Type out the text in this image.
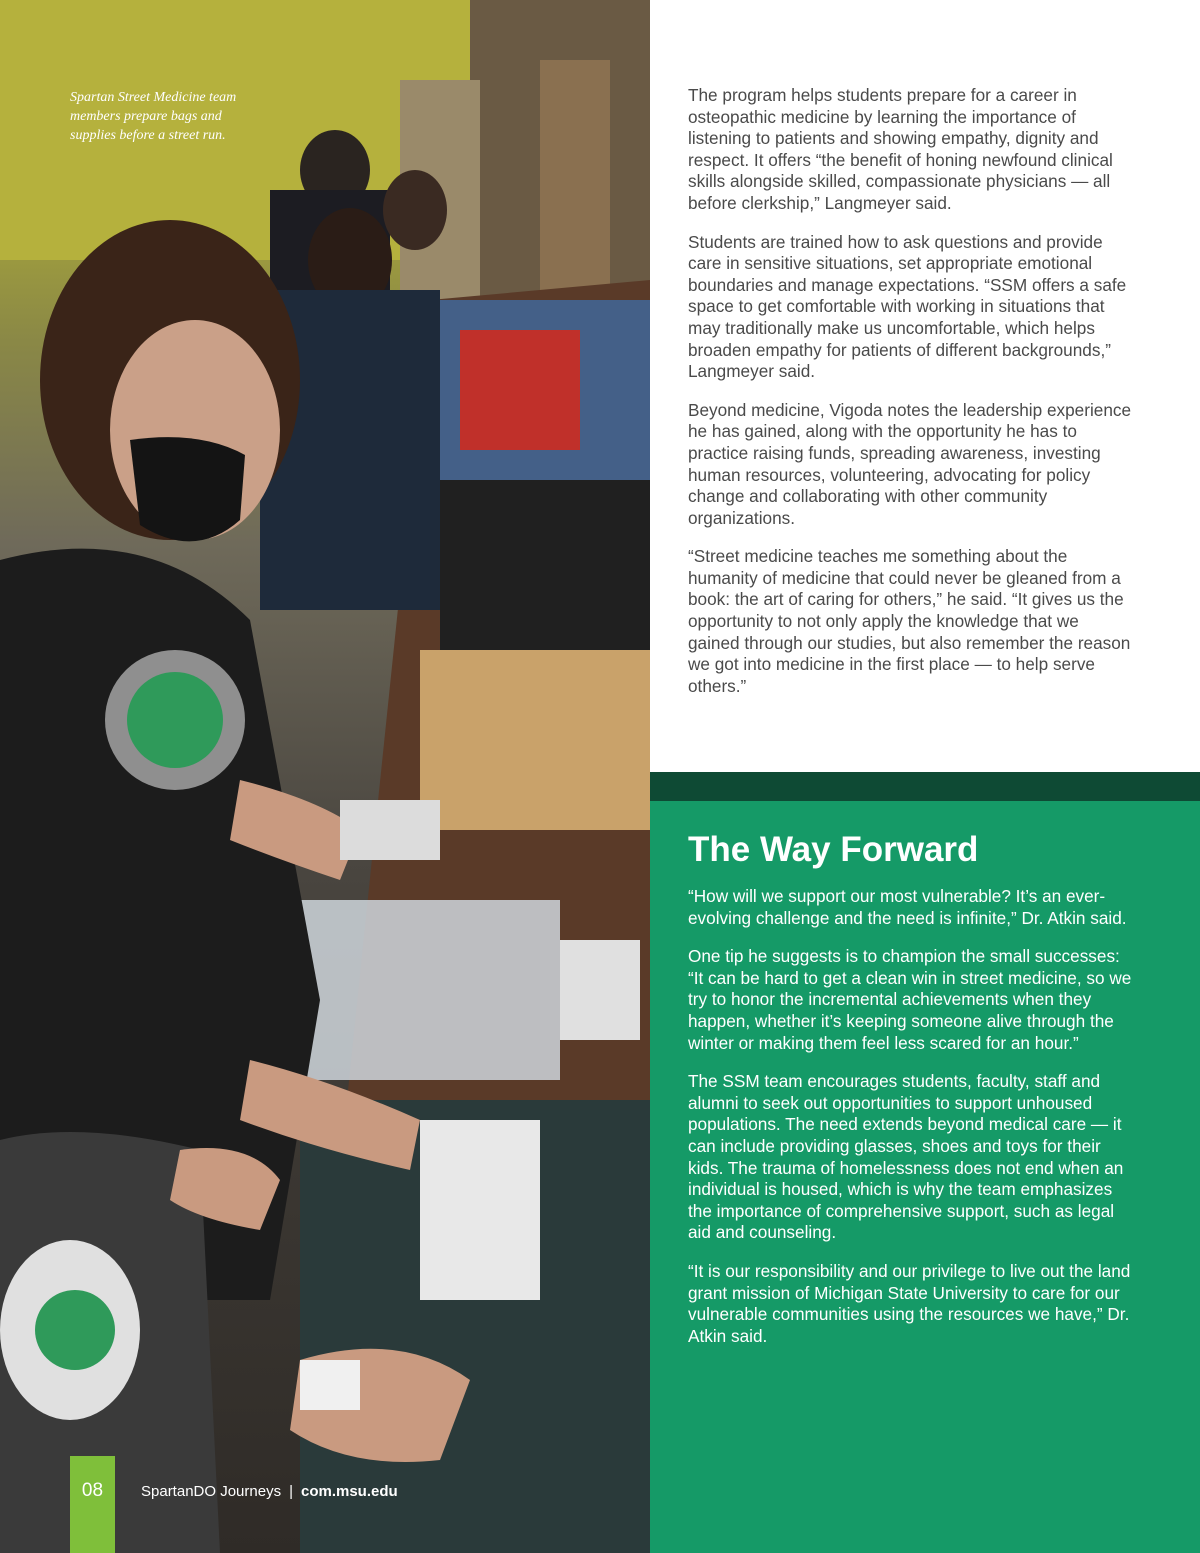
Spartan Street Medicine team members prepare bags and supplies before a street run.
08	SpartanDO Journeys | com.msu.edu

The program helps students prepare for a career in osteopathic medicine by learning the importance of listening to patients and showing empathy, dignity and respect. It offers “the benefit of honing newfound clinical skills alongside skilled, compassionate physicians — all before clerkship,” Langmeyer said.

Students are trained how to ask questions and provide care in sensitive situations, set appropriate emotional boundaries and manage expectations. “SSM offers a safe space to get comfortable with working in situations that may traditionally make us uncomfortable, which helps broaden empathy for patients of different backgrounds,” Langmeyer said.

Beyond medicine, Vigoda notes the leadership experience he has gained, along with the opportunity he has to practice raising funds, spreading awareness, investing human resources, volunteering, advocating for policy change and collaborating with other community organizations.

“Street medicine teaches me something about the humanity of medicine that could never be gleaned from a book: the art of caring for others,” he said. “It gives us the opportunity to not only apply the knowledge that we gained through our studies, but also remember the reason we got into medicine in the first place — to help serve others.”

The Way Forward

“How will we support our most vulnerable? It’s an ever-evolving challenge and the need is infinite,” Dr. Atkin said.

One tip he suggests is to champion the small successes: “It can be hard to get a clean win in street medicine, so we try to honor the incremental achievements when they happen, whether it’s keeping someone alive through the winter or making them feel less scared for an hour.”

The SSM team encourages students, faculty, staff and alumni to seek out opportunities to support unhoused populations. The need extends beyond medical care — it can include providing glasses, shoes and toys for their kids. The trauma of homelessness does not end when an individual is housed, which is why the team emphasizes the importance of comprehensive support, such as legal aid and counseling.

“It is our responsibility and our privilege to live out the land grant mission of Michigan State University to care for our vulnerable communities using the resources we have,” Dr. Atkin said.
